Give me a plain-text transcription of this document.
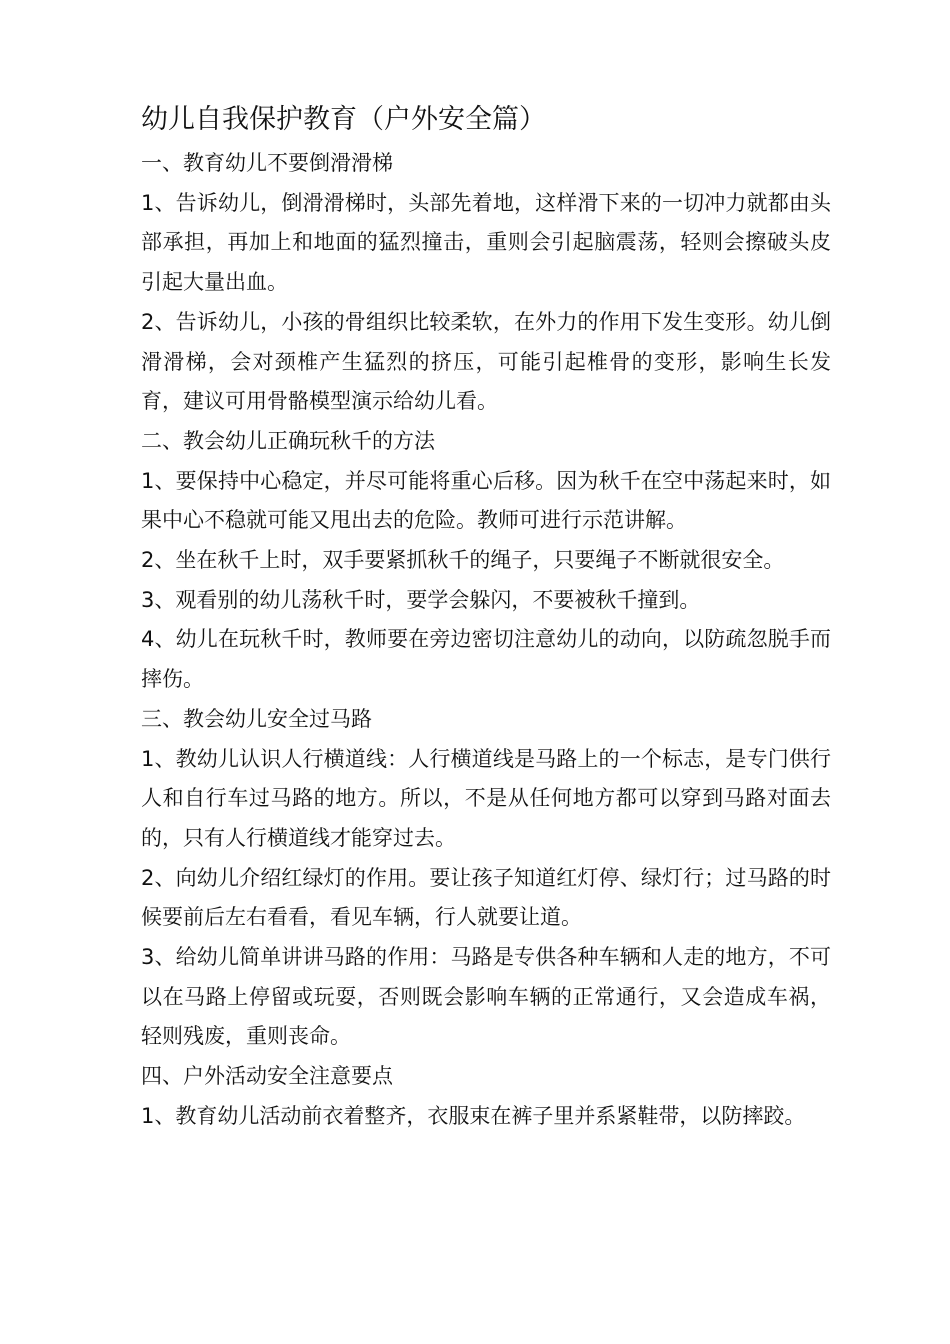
幼儿自我保护教育（户外安全篇）

一、教育幼儿不要倒滑滑梯

1、告诉幼儿，倒滑滑梯时，头部先着地，这样滑下来的一切冲力就都由头部承担，再加上和地面的猛烈撞击，重则会引起脑震荡，轻则会擦破头皮引起大量出血。

2、告诉幼儿，小孩的骨组织比较柔软，在外力的作用下发生变形。幼儿倒滑滑梯，会对颈椎产生猛烈的挤压，可能引起椎骨的变形，影响生长发育，建议可用骨骼模型演示给幼儿看。

二、教会幼儿正确玩秋千的方法

1、要保持中心稳定，并尽可能将重心后移。因为秋千在空中荡起来时，如果中心不稳就可能又甩出去的危险。教师可进行示范讲解。

2、坐在秋千上时，双手要紧抓秋千的绳子，只要绳子不断就很安全。

3、观看别的幼儿荡秋千时，要学会躲闪，不要被秋千撞到。

4、幼儿在玩秋千时，教师要在旁边密切注意幼儿的动向，以防疏忽脱手而摔伤。

三、教会幼儿安全过马路

1、教幼儿认识人行横道线：人行横道线是马路上的一个标志，是专门供行人和自行车过马路的地方。所以，不是从任何地方都可以穿到马路对面去的，只有人行横道线才能穿过去。

2、向幼儿介绍红绿灯的作用。要让孩子知道红灯停、绿灯行；过马路的时候要前后左右看看，看见车辆，行人就要让道。

3、给幼儿简单讲讲马路的作用：马路是专供各种车辆和人走的地方，不可以在马路上停留或玩耍，否则既会影响车辆的正常通行，又会造成车祸，轻则残废，重则丧命。

四、户外活动安全注意要点

1、教育幼儿活动前衣着整齐，衣服束在裤子里并系紧鞋带，以防摔跤。
